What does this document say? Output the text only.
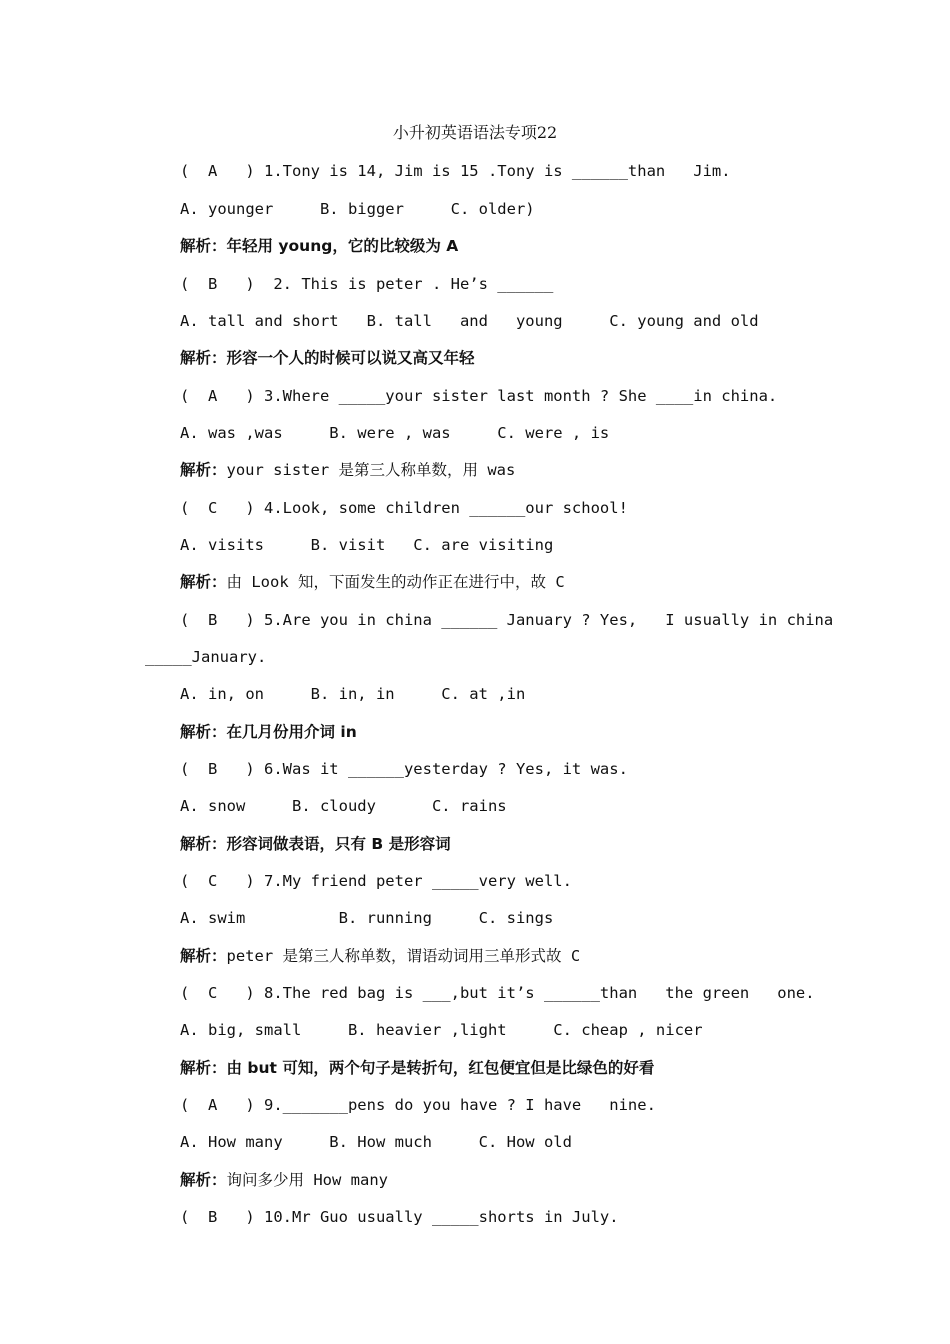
小升初英语语法专项22
(  A   ) 1.Tony is 14, Jim is 15 .Tony is ______than   Jim.
A. younger     B. bigger     C. older)
解析：年轻用 young，它的比较级为 A
(  B   )  2. This is peter . He’s ______
A. tall and short   B. tall   and   young     C. young and old
解析：形容一个人的时候可以说又高又年轻
(  A   ) 3.Where _____your sister last month ? She ____in china.
A. was ,was     B. were , was     C. were , is
解析：your sister 是第三人称单数，用 was
(  C   ) 4.Look, some children ______our school!
A. visits     B. visit   C. are visiting
解析：由 Look 知，下面发生的动作正在进行中，故 C
(  B   ) 5.Are you in china ______ January ? Yes,   I usually in china
_____January.
A. in, on     B. in, in     C. at ,in
解析：在几月份用介词 in
(  B   ) 6.Was it ______yesterday ? Yes, it was.
A. snow     B. cloudy      C. rains
解析：形容词做表语，只有 B 是形容词
(  C   ) 7.My friend peter _____very well.
A. swim          B. running     C. sings
解析：peter 是第三人称单数，谓语动词用三单形式故 C
(  C   ) 8.The red bag is ___,but it’s ______than   the green   one.
A. big, small     B. heavier ,light     C. cheap , nicer
解析：由 but 可知，两个句子是转折句，红包便宜但是比绿色的好看
(  A   ) 9._______pens do you have ? I have   nine.
A. How many     B. How much     C. How old
解析：询问多少用 How many
(  B   ) 10.Mr Guo usually _____shorts in July.
